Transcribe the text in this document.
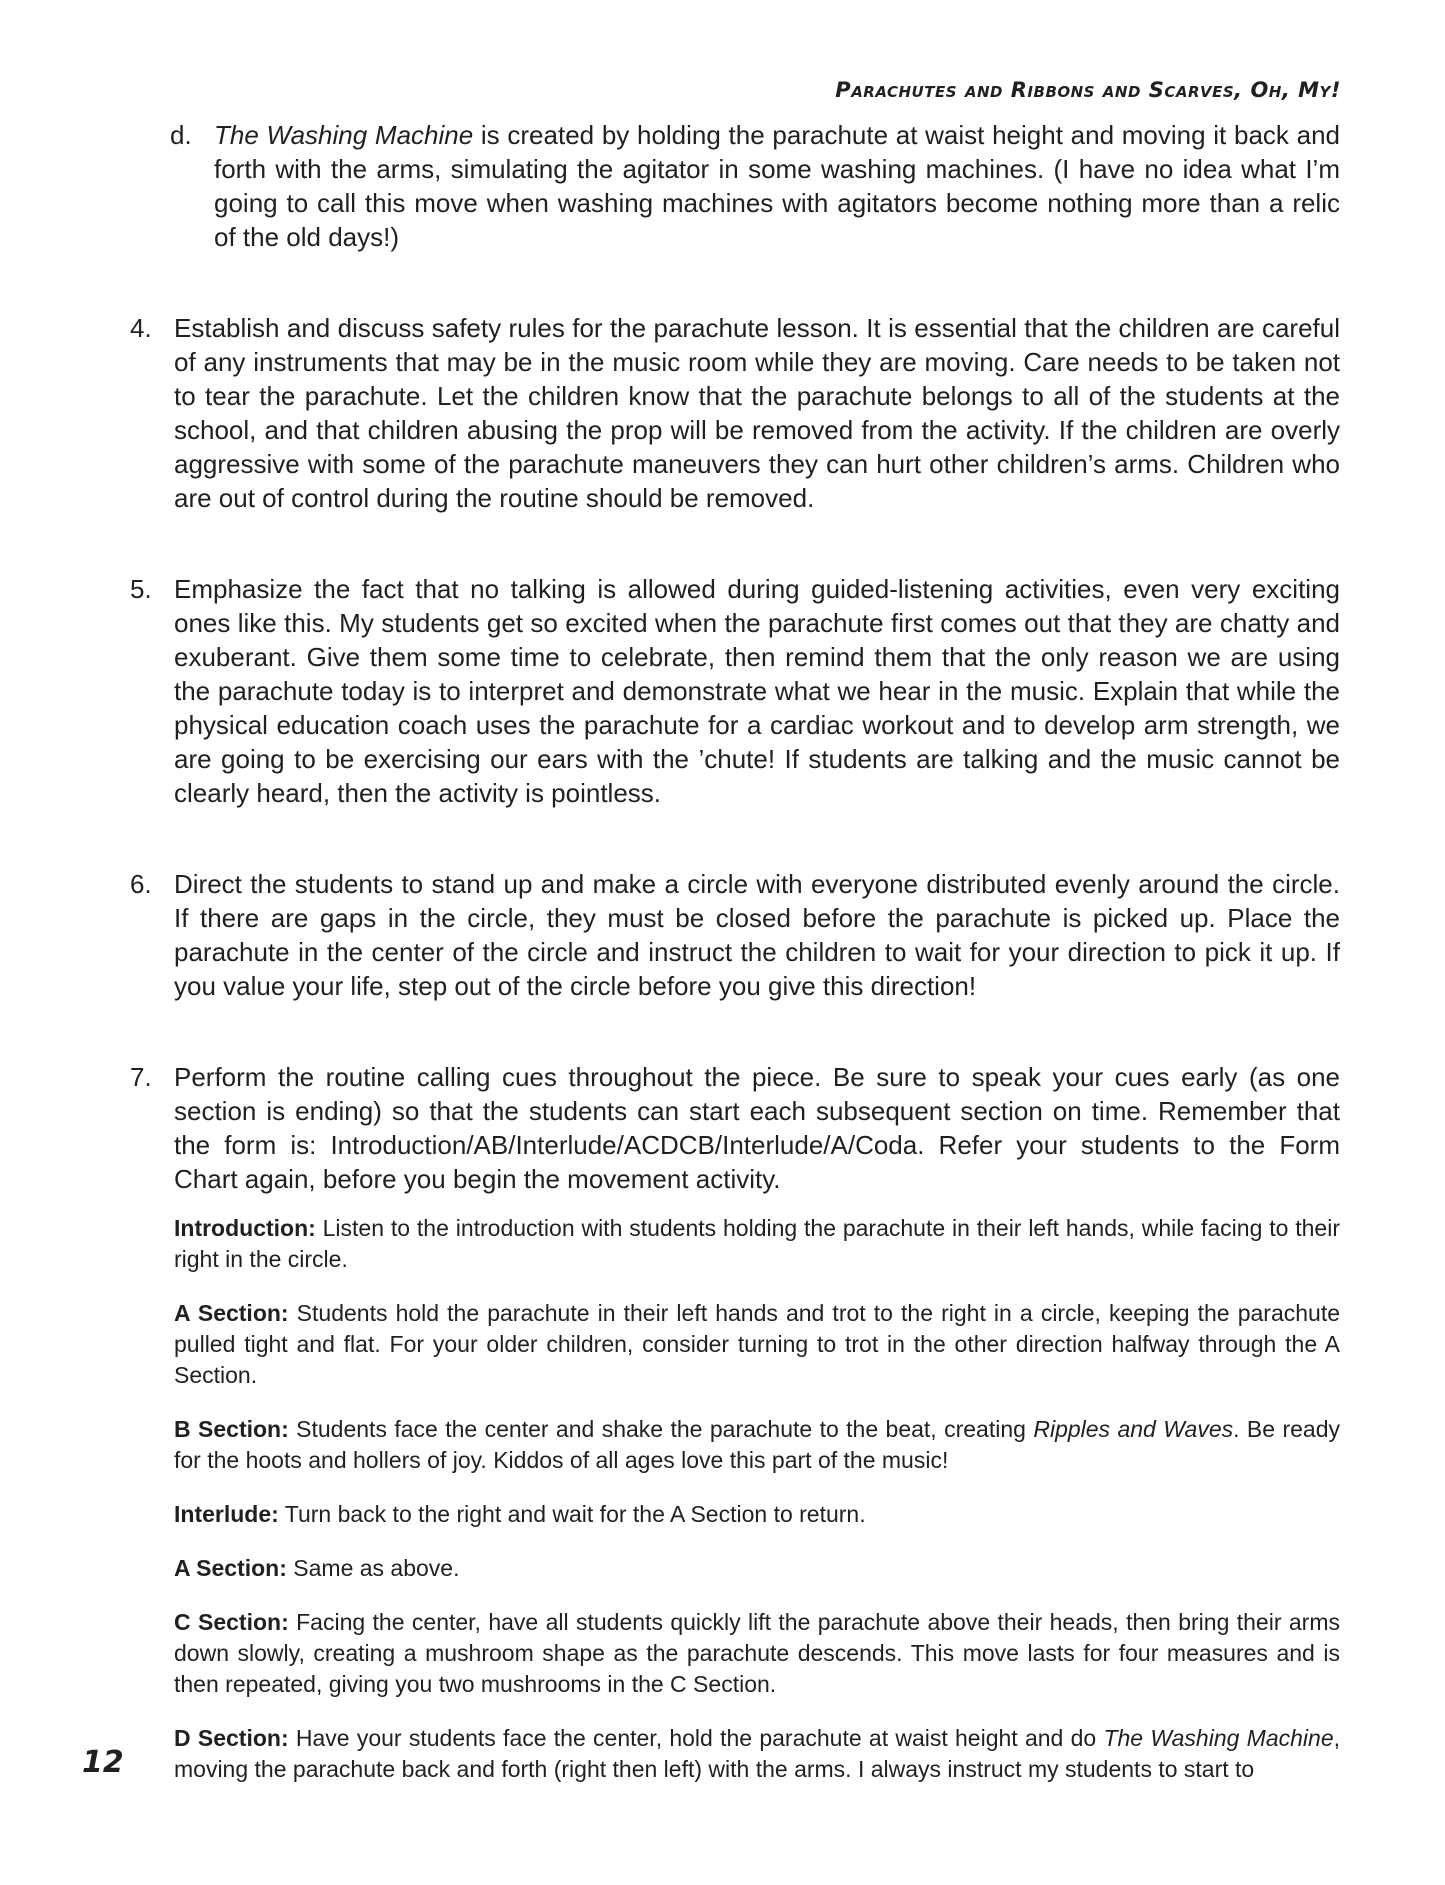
Parachutes and Ribbons and Scarves, Oh, My!
d. The Washing Machine is created by holding the parachute at waist height and moving it back and forth with the arms, simulating the agitator in some washing machines. (I have no idea what I’m going to call this move when washing machines with agitators become nothing more than a relic of the old days!)
4. Establish and discuss safety rules for the parachute lesson. It is essential that the children are careful of any instruments that may be in the music room while they are moving. Care needs to be taken not to tear the parachute. Let the children know that the parachute belongs to all of the students at the school, and that children abusing the prop will be removed from the activity. If the children are overly aggressive with some of the parachute maneuvers they can hurt other children’s arms. Children who are out of control during the routine should be removed.
5. Emphasize the fact that no talking is allowed during guided-listening activities, even very exciting ones like this. My students get so excited when the parachute first comes out that they are chatty and exuberant. Give them some time to celebrate, then remind them that the only reason we are using the parachute today is to interpret and demonstrate what we hear in the music. Explain that while the physical education coach uses the parachute for a cardiac workout and to develop arm strength, we are going to be exercising our ears with the ’chute! If students are talking and the music cannot be clearly heard, then the activity is pointless.
6. Direct the students to stand up and make a circle with everyone distributed evenly around the circle. If there are gaps in the circle, they must be closed before the parachute is picked up. Place the parachute in the center of the circle and instruct the children to wait for your direction to pick it up. If you value your life, step out of the circle before you give this direction!
7. Perform the routine calling cues throughout the piece. Be sure to speak your cues early (as one section is ending) so that the students can start each subsequent section on time. Remember that the form is: Introduction/AB/Interlude/ACDCB/Interlude/A/Coda. Refer your students to the Form Chart again, before you begin the movement activity.

Introduction: Listen to the introduction with students holding the parachute in their left hands, while facing to their right in the circle.

A Section: Students hold the parachute in their left hands and trot to the right in a circle, keeping the parachute pulled tight and flat. For your older children, consider turning to trot in the other direction halfway through the A Section.

B Section: Students face the center and shake the parachute to the beat, creating Ripples and Waves. Be ready for the hoots and hollers of joy. Kiddos of all ages love this part of the music!

Interlude: Turn back to the right and wait for the A Section to return.

A Section: Same as above.

C Section: Facing the center, have all students quickly lift the parachute above their heads, then bring their arms down slowly, creating a mushroom shape as the parachute descends. This move lasts for four measures and is then repeated, giving you two mushrooms in the C Section.

D Section: Have your students face the center, hold the parachute at waist height and do The Washing Machine, moving the parachute back and forth (right then left) with the arms. I always instruct my students to start to

12
